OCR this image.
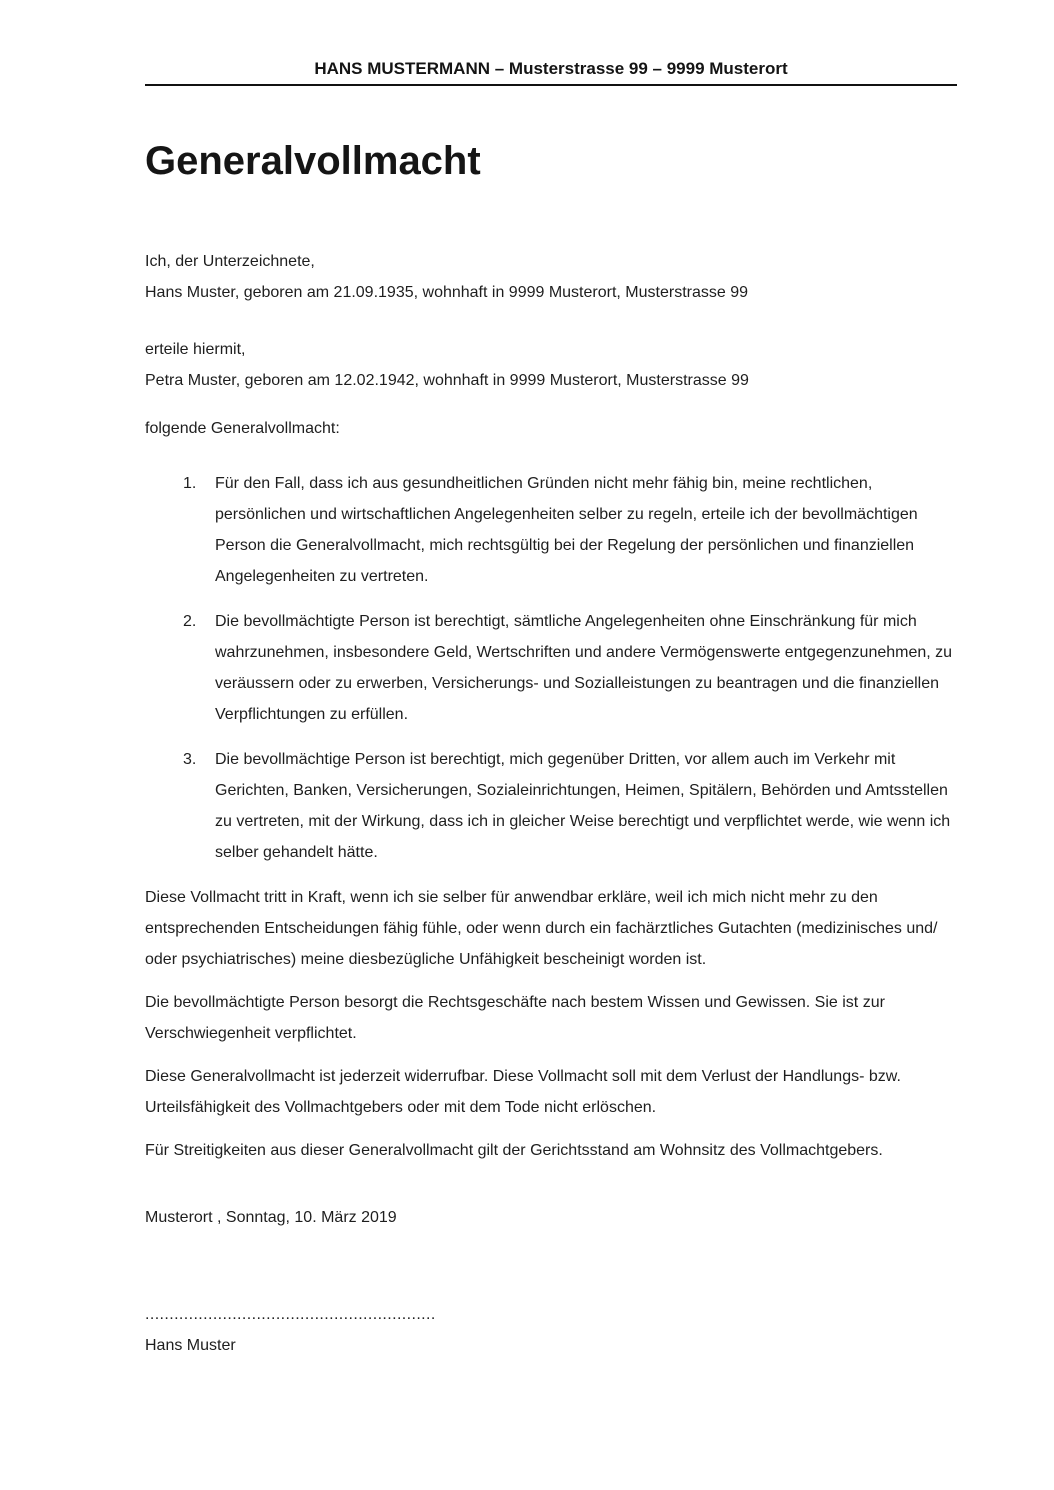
HANS MUSTERMANN – Musterstrasse 99 – 9999 Musterort
Generalvollmacht

Ich, der Unterzeichnete,
Hans Muster, geboren am 21.09.1935, wohnhaft in 9999 Musterort, Musterstrasse 99

erteile hiermit,
Petra Muster, geboren am 12.02.1942, wohnhaft in 9999 Musterort, Musterstrasse 99

folgende Generalvollmacht:

1.	Für den Fall, dass ich aus gesundheitlichen Gründen nicht mehr fähig bin, meine rechtlichen, persönlichen und wirtschaftlichen Angelegenheiten selber zu regeln, erteile ich der bevollmächtigen Person die Generalvollmacht, mich rechtsgültig bei der Regelung der persönlichen und finanziellen Angelegenheiten zu vertreten.
2.	Die bevollmächtigte Person ist berechtigt, sämtliche Angelegenheiten ohne Einschränkung für mich wahrzunehmen, insbesondere Geld, Wertschriften und andere Vermögenswerte entgegenzunehmen, zu veräussern oder zu erwerben, Versicherungs- und Sozialleistungen zu beantragen und die finanziellen Verpflichtungen zu erfüllen.
3.	Die bevollmächtige Person ist berechtigt, mich gegenüber Dritten, vor allem auch im Verkehr mit Gerichten, Banken, Versicherungen, Sozialeinrichtungen, Heimen, Spitälern, Behörden und Amtsstellen zu vertreten, mit der Wirkung, dass ich in gleicher Weise berechtigt und verpflichtet werde, wie wenn ich selber gehandelt hätte.

Diese Vollmacht tritt in Kraft, wenn ich sie selber für anwendbar erkläre, weil ich mich nicht mehr zu den entsprechenden Entscheidungen fähig fühle, oder wenn durch ein fachärztliches Gutachten (medizinisches und/ oder psychiatrisches) meine diesbezügliche Unfähigkeit bescheinigt worden ist.

Die bevollmächtigte Person besorgt die Rechtsgeschäfte nach bestem Wissen und Gewissen. Sie ist zur Verschwiegenheit verpflichtet.

Diese Generalvollmacht ist jederzeit widerrufbar. Diese Vollmacht soll mit dem Verlust der Handlungs- bzw. Urteilsfähigkeit des Vollmachtgebers oder mit dem Tode nicht erlöschen.

Für Streitigkeiten aus dieser Generalvollmacht gilt der Gerichtsstand am Wohnsitz des Vollmachtgebers.

Musterort , Sonntag, 10. März 2019

............................................................
Hans Muster
